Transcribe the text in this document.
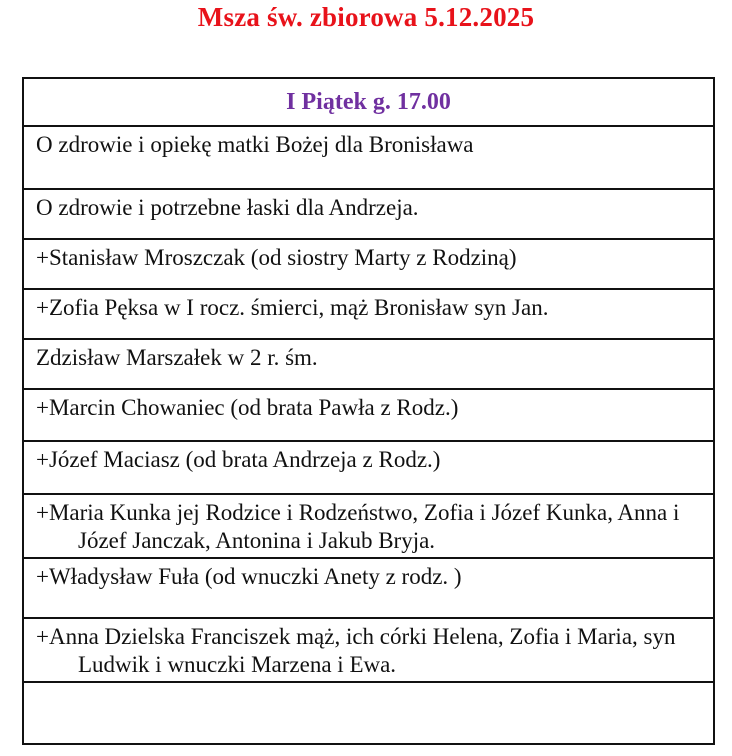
Msza św. zbiorowa 5.12.2025
I Piątek g. 17.00

O zdrowie i opiekę matki Bożej dla Bronisława

O zdrowie i potrzebne łaski dla Andrzeja.

+Stanisław Mroszczak (od siostry Marty z Rodziną)

+Zofia Pęksa w I rocz. śmierci, mąż Bronisław syn Jan.

Zdzisław Marszałek w 2 r. śm.

+Marcin Chowaniec (od brata Pawła z Rodz.)

+Józef Maciasz (od brata Andrzeja z Rodz.)

+Maria Kunka jej Rodzice i Rodzeństwo, Zofia i Józef Kunka, Anna i Józef Janczak, Antonina i Jakub Bryja.

+Władysław Fuła (od wnuczki Anety z rodz. )

+Anna Dzielska Franciszek mąż, ich córki Helena, Zofia i Maria, syn Ludwik i wnuczki Marzena i Ewa.
